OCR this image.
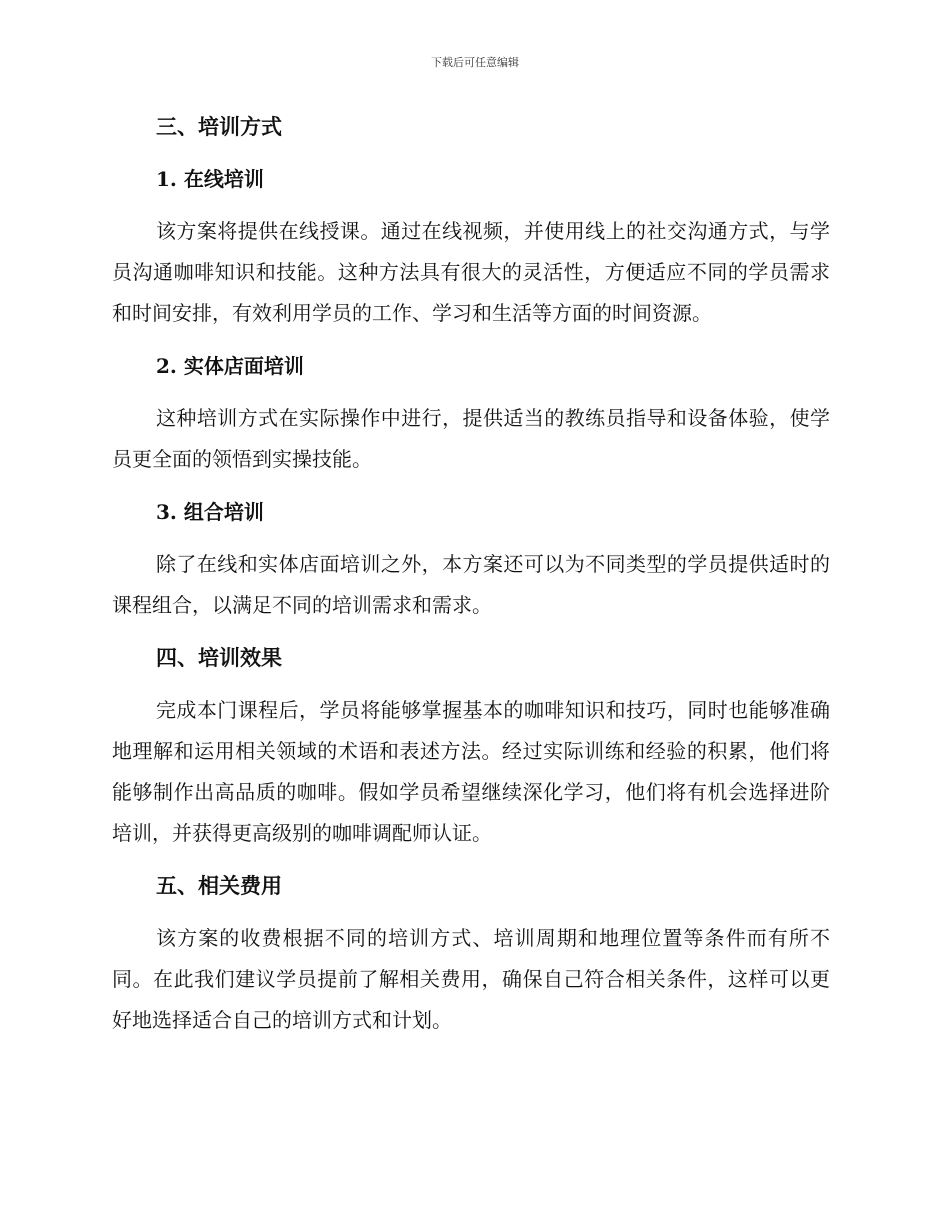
下载后可任意编辑
三、培训方式
1. 在线培训

该方案将提供在线授课。通过在线视频，并使用线上的社交沟通方式，与学员沟通咖啡知识和技能。这种方法具有很大的灵活性，方便适应不同的学员需求和时间安排，有效利用学员的工作、学习和生活等方面的时间资源。

2. 实体店面培训

这种培训方式在实际操作中进行，提供适当的教练员指导和设备体验，使学员更全面的领悟到实操技能。

3. 组合培训

除了在线和实体店面培训之外，本方案还可以为不同类型的学员提供适时的课程组合，以满足不同的培训需求和需求。

四、培训效果

完成本门课程后，学员将能够掌握基本的咖啡知识和技巧，同时也能够准确地理解和运用相关领域的术语和表述方法。经过实际训练和经验的积累，他们将能够制作出高品质的咖啡。假如学员希望继续深化学习，他们将有机会选择进阶培训，并获得更高级别的咖啡调配师认证。

五、相关费用

该方案的收费根据不同的培训方式、培训周期和地理位置等条件而有所不同。在此我们建议学员提前了解相关费用，确保自己符合相关条件，这样可以更好地选择适合自己的培训方式和计划。
